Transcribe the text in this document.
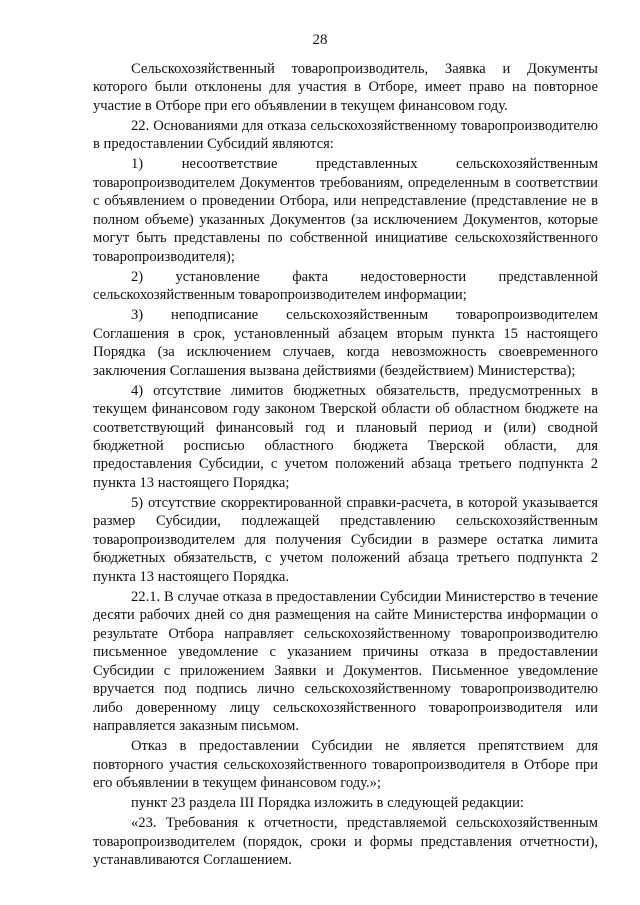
28

Сельскохозяйственный товаропроизводитель, Заявка и Документы которого были отклонены для участия в Отборе, имеет право на повторное участие в Отборе при его объявлении в текущем финансовом году.

22. Основаниями для отказа сельскохозяйственному товаропроизводителю в предоставлении Субсидий являются:

1) несоответствие представленных сельскохозяйственным товаропроизводителем Документов требованиям, определенным в соответствии с объявлением о проведении Отбора, или непредставление (представление не в полном объеме) указанных Документов (за исключением Документов, которые могут быть представлены по собственной инициативе сельскохозяйственного товаропроизводителя);

2) установление факта недостоверности представленной сельскохозяйственным товаропроизводителем информации;

3) неподписание сельскохозяйственным товаропроизводителем Соглашения в срок, установленный абзацем вторым пункта 15 настоящего Порядка (за исключением случаев, когда невозможность своевременного заключения Соглашения вызвана действиями (бездействием) Министерства);

4) отсутствие лимитов бюджетных обязательств, предусмотренных в текущем финансовом году законом Тверской области об областном бюджете на соответствующий финансовый год и плановый период и (или) сводной бюджетной росписью областного бюджета Тверской области, для предоставления Субсидии, с учетом положений абзаца третьего подпункта 2 пункта 13 настоящего Порядка;

5) отсутствие скорректированной справки-расчета, в которой указывается размер Субсидии, подлежащей представлению сельскохозяйственным товаропроизводителем для получения Субсидии в размере остатка лимита бюджетных обязательств, с учетом положений абзаца третьего подпункта 2 пункта 13 настоящего Порядка.

22.1. В случае отказа в предоставлении Субсидии Министерство в течение десяти рабочих дней со дня размещения на сайте Министерства информации о результате Отбора направляет сельскохозяйственному товаропроизводителю письменное уведомление с указанием причины отказа в предоставлении Субсидии с приложением Заявки и Документов. Письменное уведомление вручается под подпись лично сельскохозяйственному товаропроизводителю либо доверенному лицу сельскохозяйственного товаропроизводителя или направляется заказным письмом.

Отказ в предоставлении Субсидии не является препятствием для повторного участия сельскохозяйственного товаропроизводителя в Отборе при его объявлении в текущем финансовом году.»;

пункт 23 раздела III Порядка изложить в следующей редакции:

«23. Требования к отчетности, представляемой сельскохозяйственным товаропроизводителем (порядок, сроки и формы представления отчетности), устанавливаются Соглашением.
